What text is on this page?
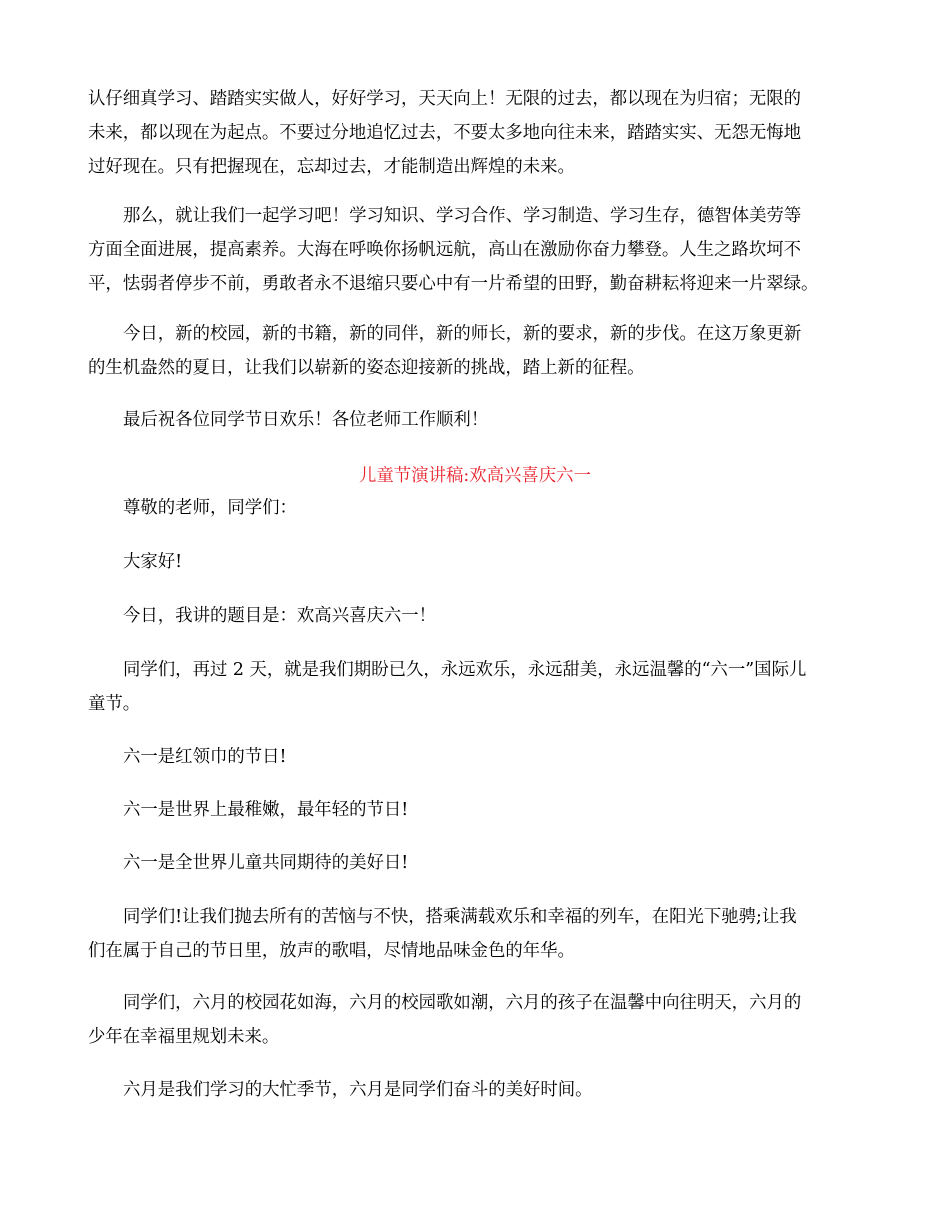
认仔细真学习、踏踏实实做人，好好学习，天天向上！无限的过去，都以现在为归宿；无限的
未来，都以现在为起点。不要过分地追忆过去，不要太多地向往未来，踏踏实实、无怨无悔地
过好现在。只有把握现在，忘却过去，才能制造出辉煌的未来。
那么，就让我们一起学习吧！学习知识、学习合作、学习制造、学习生存，德智体美劳等
方面全面进展，提高素养。大海在呼唤你扬帆远航，高山在激励你奋力攀登。人生之路坎坷不
平，怯弱者停步不前，勇敢者永不退缩只要心中有一片希望的田野，勤奋耕耘将迎来一片翠绿。
今日，新的校园，新的书籍，新的同伴，新的师长，新的要求，新的步伐。在这万象更新
的生机盎然的夏日，让我们以崭新的姿态迎接新的挑战，踏上新的征程。
最后祝各位同学节日欢乐！各位老师工作顺利！
儿童节演讲稿:欢高兴喜庆六一
尊敬的老师，同学们：
大家好!
今日，我讲的题目是：欢高兴喜庆六一！
同学们，再过 2 天，就是我们期盼已久，永远欢乐，永远甜美，永远温馨的“六一”国际儿
童节。
六一是红领巾的节日!
六一是世界上最稚嫩，最年轻的节日!
六一是全世界儿童共同期待的美好日!
同学们!让我们抛去所有的苦恼与不快，搭乘满载欢乐和幸福的列车，在阳光下驰骋;让我
们在属于自己的节日里，放声的歌唱，尽情地品味金色的年华。
同学们，六月的校园花如海，六月的校园歌如潮，六月的孩子在温馨中向往明天，六月的
少年在幸福里规划未来。
六月是我们学习的大忙季节，六月是同学们奋斗的美好时间。
